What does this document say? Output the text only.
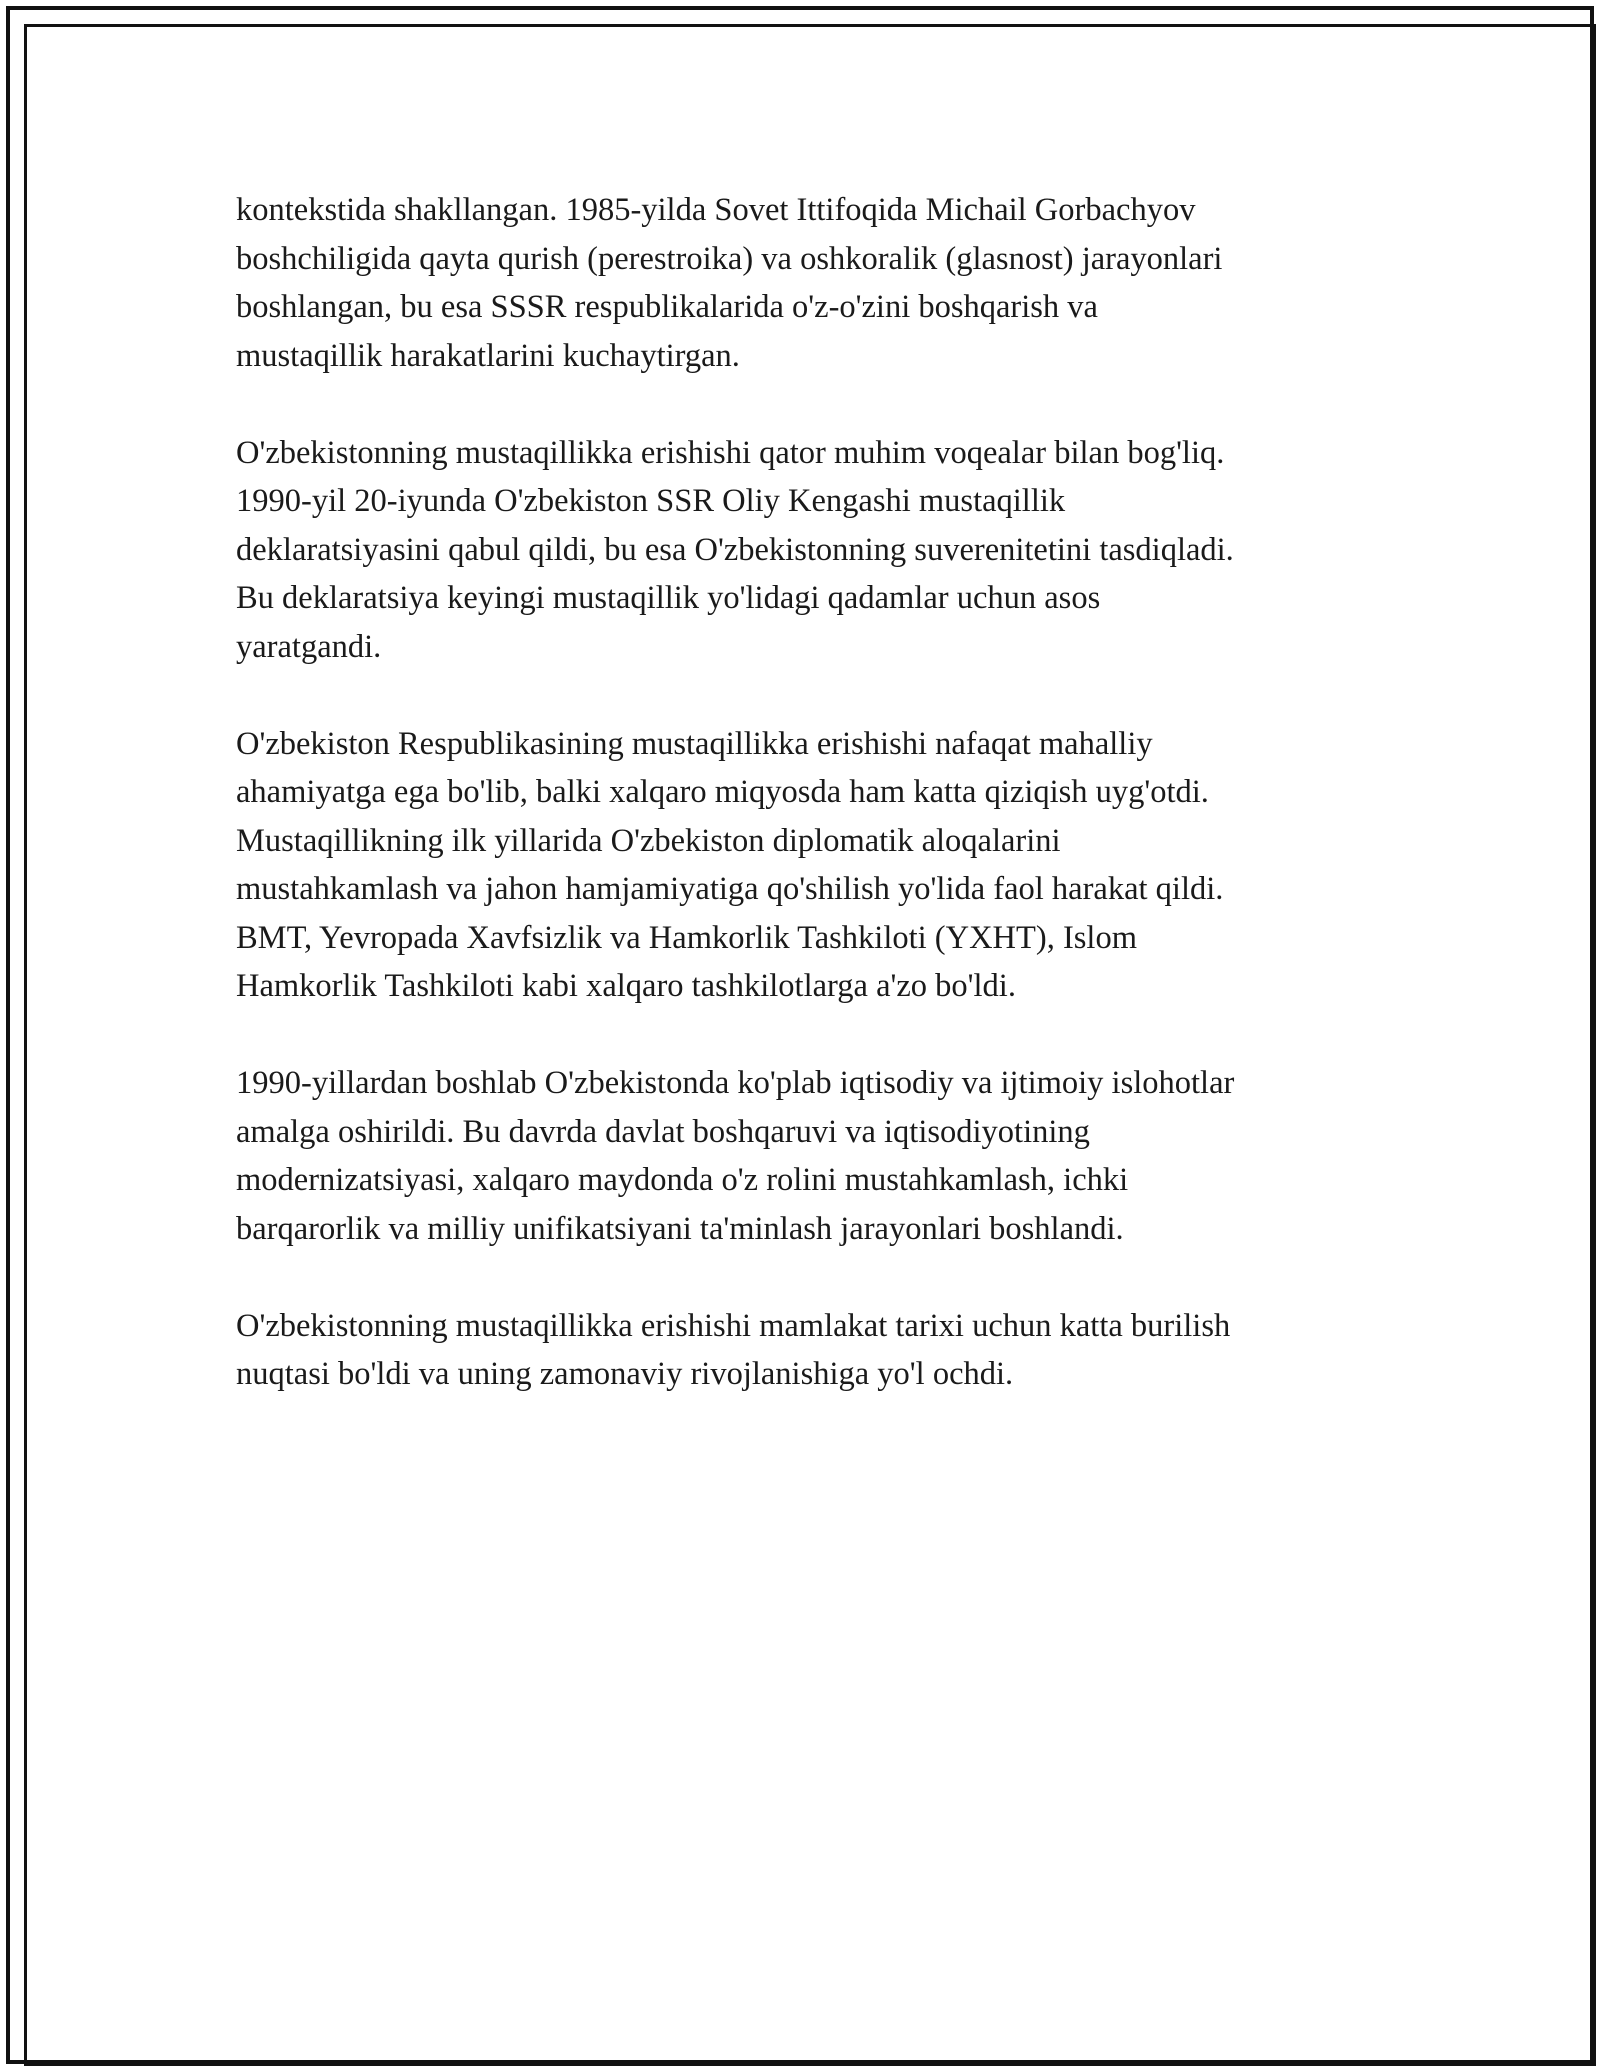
kontekstida shakllangan. 1985-yilda Sovet Ittifoqida Michail Gorbachyov
boshchiligida qayta qurish (perestroika) va oshkoralik (glasnost) jarayonlari
boshlangan, bu esa SSSR respublikalarida o'z-o'zini boshqarish va
mustaqillik harakatlarini kuchaytirgan.

O'zbekistonning mustaqillikka erishishi qator muhim voqealar bilan bog'liq.
1990-yil 20-iyunda O'zbekiston SSR Oliy Kengashi mustaqillik
deklaratsiyasini qabul qildi, bu esa O'zbekistonning suverenitetini tasdiqladi.
Bu deklaratsiya keyingi mustaqillik yo'lidagi qadamlar uchun asos
yaratgandi.

O'zbekiston Respublikasining mustaqillikka erishishi nafaqat mahalliy
ahamiyatga ega bo'lib, balki xalqaro miqyosda ham katta qiziqish uyg'otdi.
Mustaqillikning ilk yillarida O'zbekiston diplomatik aloqalarini
mustahkamlash va jahon hamjamiyatiga qo'shilish yo'lida faol harakat qildi.
BMT, Yevropada Xavfsizlik va Hamkorlik Tashkiloti (YXHT), Islom
Hamkorlik Tashkiloti kabi xalqaro tashkilotlarga a'zo bo'ldi.

1990-yillardan boshlab O'zbekistonda ko'plab iqtisodiy va ijtimoiy islohotlar
amalga oshirildi. Bu davrda davlat boshqaruvi va iqtisodiyotining
modernizatsiyasi, xalqaro maydonda o'z rolini mustahkamlash, ichki
barqarorlik va milliy unifikatsiyani ta'minlash jarayonlari boshlandi.

O'zbekistonning mustaqillikka erishishi mamlakat tarixi uchun katta burilish
nuqtasi bo'ldi va uning zamonaviy rivojlanishiga yo'l ochdi.
